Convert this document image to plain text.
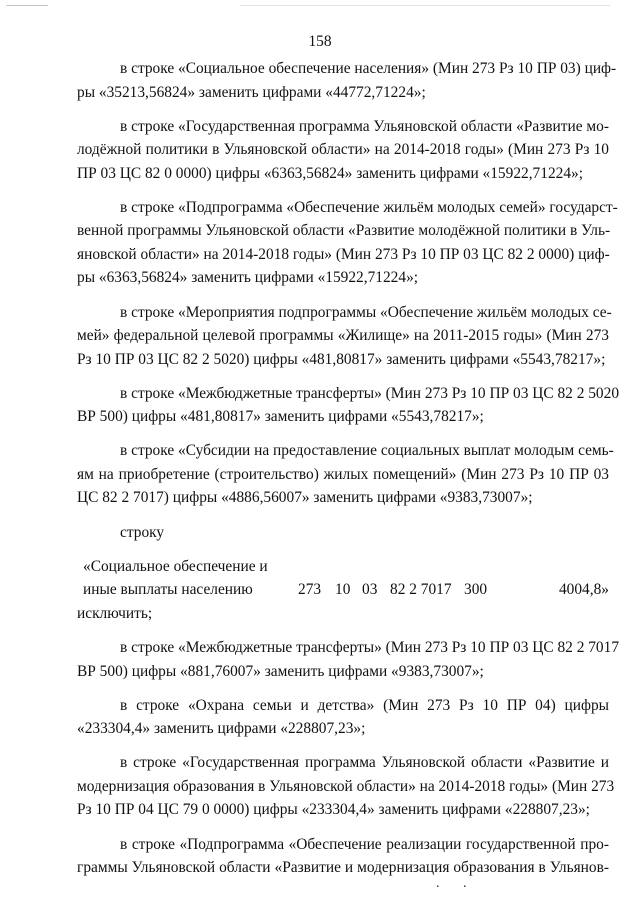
158
в строке «Социальное обеспечение населения» (Мин 273 Рз 10 ПР 03) циф-
ры «35213,56824» заменить цифрами «44772,71224»;
в строке «Государственная программа Ульяновской области «Развитие мо-
лодёжной политики в Ульяновской области» на 2014-2018 годы» (Мин 273 Рз 10
ПР 03 ЦС 82 0 0000) цифры «6363,56824» заменить цифрами «15922,71224»;
в строке «Подпрограмма «Обеспечение жильём молодых семей» государст-
венной программы Ульяновской области «Развитие молодёжной политики в Уль-
яновской области» на 2014-2018 годы» (Мин 273 Рз 10 ПР 03 ЦС 82 2 0000) циф-
ры «6363,56824» заменить цифрами «15922,71224»;
в строке «Мероприятия подпрограммы «Обеспечение жильём молодых се-
мей» федеральной целевой программы «Жилище» на 2011-2015 годы» (Мин 273
Рз 10 ПР 03 ЦС 82 2 5020) цифры «481,80817» заменить цифрами «5543,78217»;
в строке «Межбюджетные трансферты» (Мин 273 Рз 10 ПР 03 ЦС 82 2 5020
ВР 500) цифры «481,80817» заменить цифрами «5543,78217»;
в строке «Субсидии на предоставление социальных выплат молодым семь-
ям на приобретение (строительство) жилых помещений» (Мин 273 Рз 10 ПР 03
ЦС 82 2 7017) цифры «4886,56007» заменить цифрами «9383,73007»;
строку
«Социальное обеспечение и
иные выплаты населению	273 10 03 82 2 7017 300	4004,8»
исключить;
в строке «Межбюджетные трансферты» (Мин 273 Рз 10 ПР 03 ЦС 82 2 7017
ВР 500) цифры «881,76007» заменить цифрами «9383,73007»;
в строке «Охрана семьи и детства» (Мин 273 Рз 10 ПР 04) цифры
«233304,4» заменить цифрами «228807,23»;
в строке «Государственная программа Ульяновской области «Развитие и
модернизация образования в Ульяновской области» на 2014-2018 годы» (Мин 273
Рз 10 ПР 04 ЦС 79 0 0000) цифры «233304,4» заменить цифрами «228807,23»;
в строке «Подпрограмма «Обеспечение реализации государственной про-
граммы Ульяновской области «Развитие и модернизация образования в Ульянов-
. .
